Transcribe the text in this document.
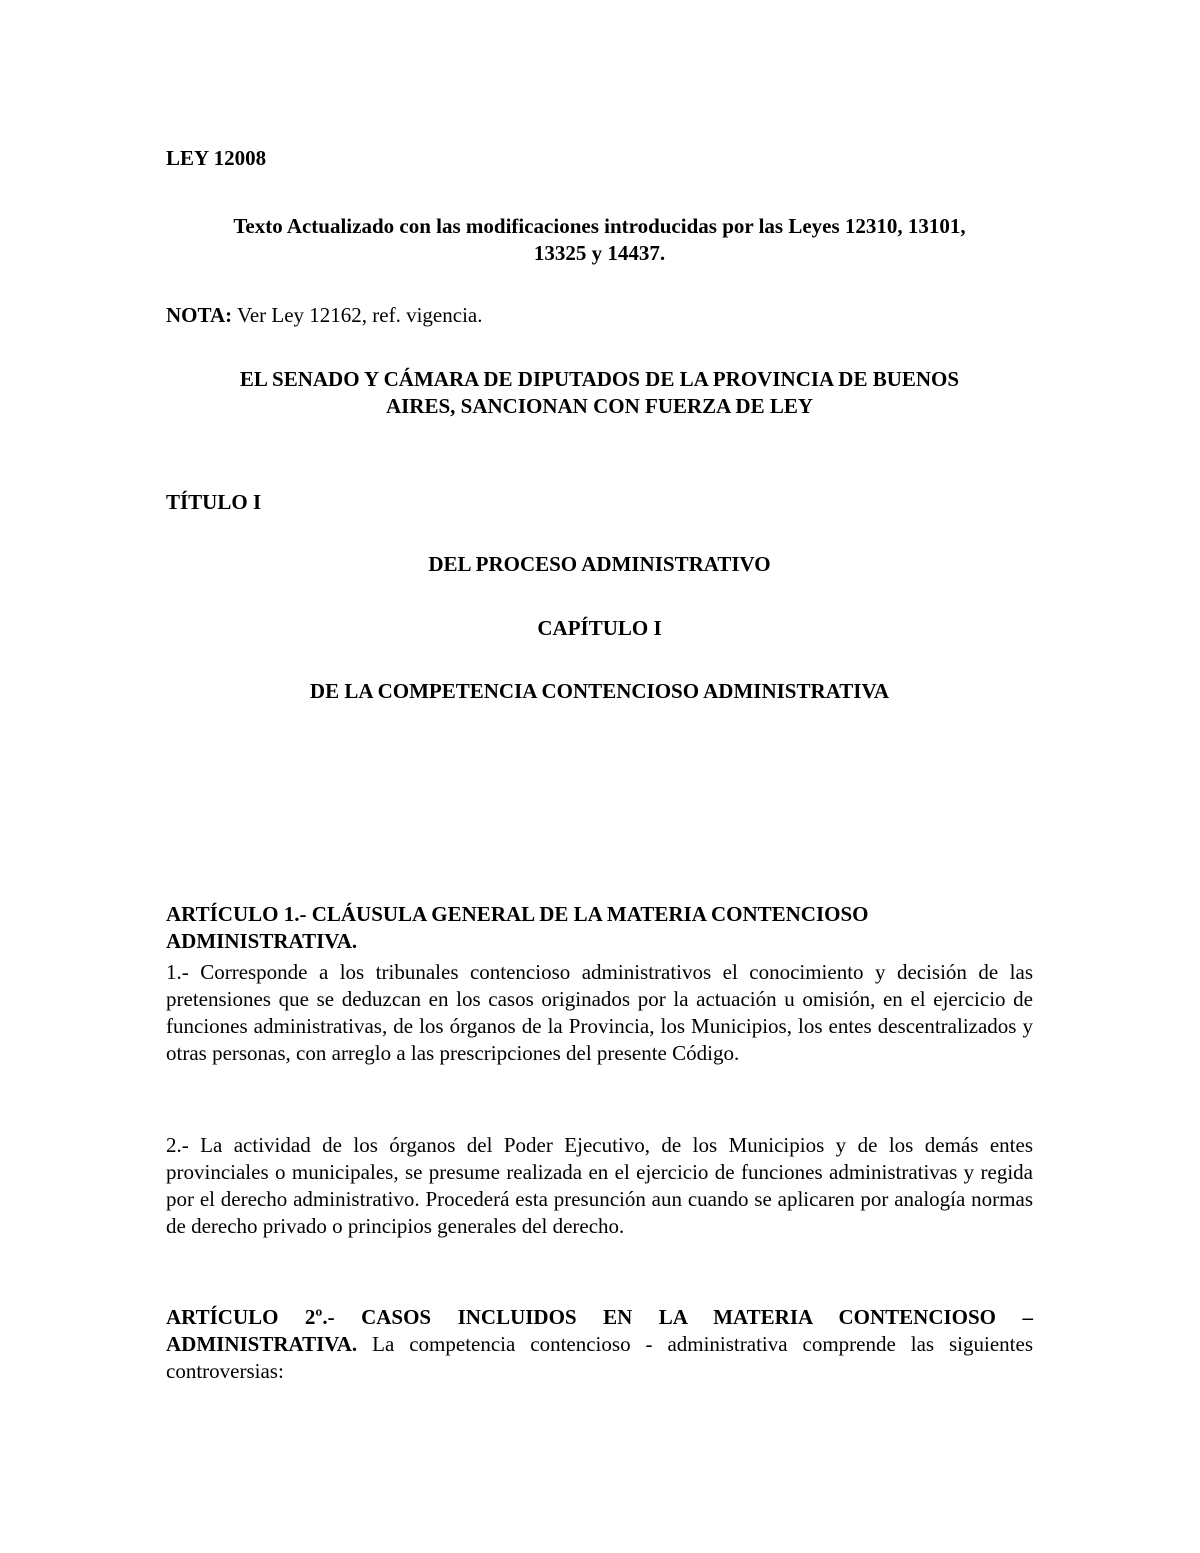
LEY 12008

Texto Actualizado con las modificaciones introducidas por las Leyes 12310, 13101,
13325 y 14437.

NOTA: Ver Ley 12162, ref. vigencia.

EL SENADO Y CÁMARA DE DIPUTADOS DE LA PROVINCIA DE BUENOS
AIRES, SANCIONAN CON FUERZA DE LEY

TÍTULO I

DEL PROCESO ADMINISTRATIVO

CAPÍTULO I

DE LA COMPETENCIA CONTENCIOSO ADMINISTRATIVA

ARTÍCULO 1.- CLÁUSULA GENERAL DE LA MATERIA CONTENCIOSO ADMINISTRATIVA.

1.- Corresponde a los tribunales contencioso administrativos el conocimiento y decisión de las pretensiones que se deduzcan en los casos originados por la actuación u omisión, en el ejercicio de funciones administrativas, de los órganos de la Provincia, los Municipios, los entes descentralizados y otras personas, con arreglo a las prescripciones del presente Código.

2.- La actividad de los órganos del Poder Ejecutivo, de los Municipios y de los demás entes provinciales o municipales, se presume realizada en el ejercicio de funciones administrativas y regida por el derecho administrativo. Procederá esta presunción aun cuando se aplicaren por analogía normas de derecho privado o principios generales del derecho.

ARTÍCULO 2º.- CASOS INCLUIDOS EN LA MATERIA CONTENCIOSO – ADMINISTRATIVA. La competencia contencioso - administrativa comprende las siguientes controversias:
